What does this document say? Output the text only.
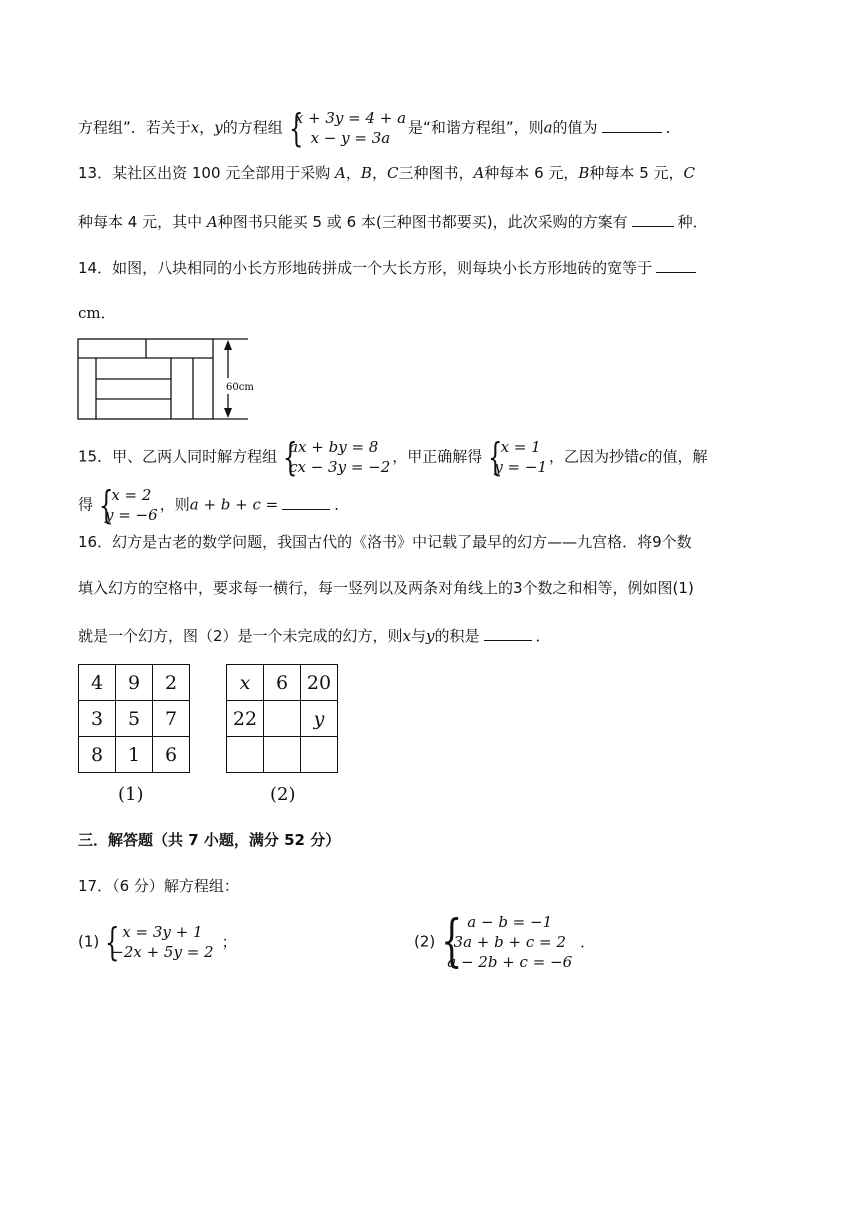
方程组”．若关于x，y的方程组 {
x + 3y = 4 + a
x − y = 3a
是“和谐方程组”，则a的值为	．
13．某社区出资 100 元全部用于采购 A，B，C三种图书，A种每本 6 元，B种每本 5 元，C
种每本 4 元，其中 A种图书只能买 5 或 6 本(三种图书都要买)，此次采购的方案有	种．
14．如图，八块相同的小长方形地砖拼成一个大长方形，则每块小长方形地砖的宽等于
cm．
60cm
15．甲、乙两人同时解方程组 {
ax + by = 8
cx − 3y = −2
，甲正确解得 {
x = 1
y = −1
，乙因为抄错c的值，解
得 {
x = 2
y = −6
，则a + b + c =	．
16．幻方是古老的数学问题，我国古代的《洛书》中记载了最早的幻方——九宫格．将9个数
填入幻方的空格中，要求每一横行，每一竖列以及两条对角线上的3个数之和相等，例如图(1)
就是一个幻方，图（2）是一个未完成的幻方，则x与y的积是	．
4	9	2
3	5	7
8	1	6
(1)
x	6	20
22		y

(2)
三．解答题（共 7 小题，满分 52 分）
17．（6 分）解方程组：
(1) { x = 3y + 1
−2x + 5y = 2
；	(2) { a − b = −1
3a + b + c = 2
a − 2b + c = −6
．
